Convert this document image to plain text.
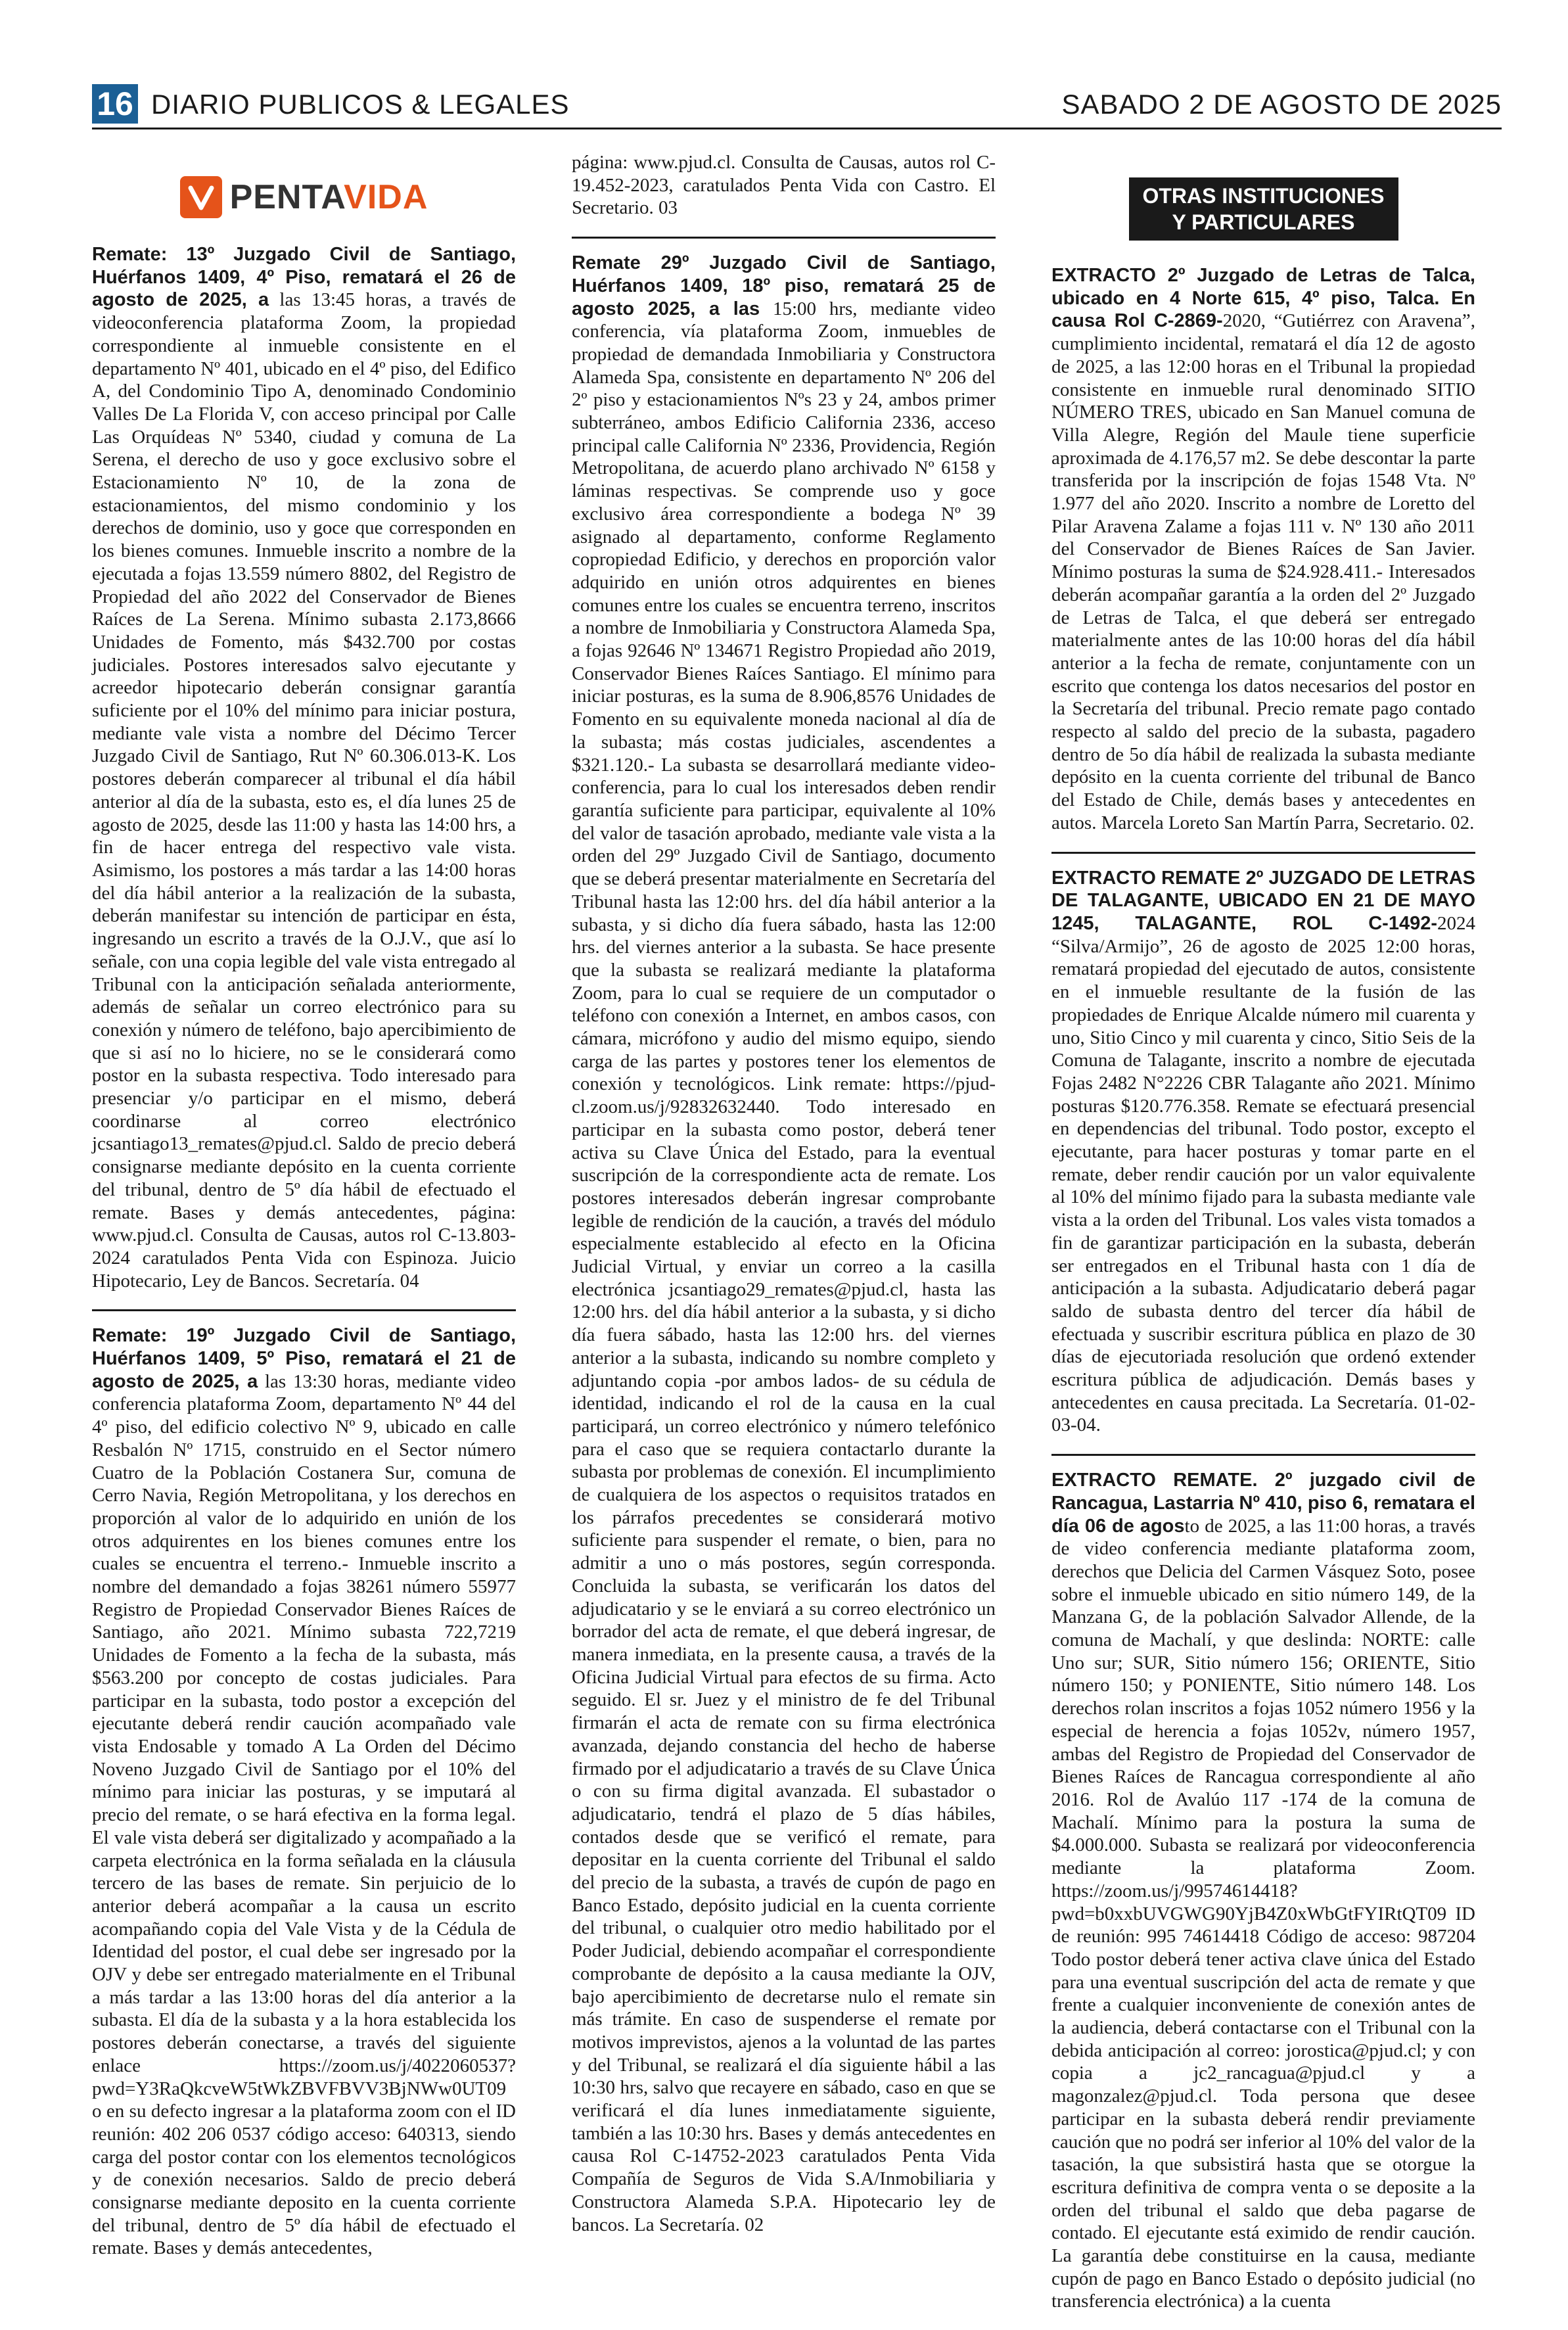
16 DIARIO PUBLICOS & LEGALES	SABADO 2 DE AGOSTO DE 2025
PENTAVIDA

Remate: 13º Juzgado Civil de Santiago, Huérfanos 1409, 4º Piso, rematará el 26 de agosto de 2025, a las 13:45 horas, a través de videoconferencia plataforma Zoom, la propiedad correspondiente al inmueble consistente en el departamento Nº 401, ubicado en el 4º piso, del Edifico A, del Condominio Tipo A, denominado Condominio Valles De La Florida V, con acceso principal por Calle Las Orquídeas Nº 5340, ciudad y comuna de La Serena, el derecho de uso y goce exclusivo sobre el Estacionamiento Nº 10, de la zona de estacionamientos, del mismo condominio y los derechos de dominio, uso y goce que corresponden en los bienes comunes. Inmueble inscrito a nombre de la ejecutada a fojas 13.559 número 8802, del Registro de Propiedad del año 2022 del Conservador de Bienes Raíces de La Serena. Mínimo subasta 2.173,8666 Unidades de Fomento, más $432.700 por costas judiciales. Postores interesados salvo ejecutante y acreedor hipotecario deberán consignar garantía suficiente por el 10% del mínimo para iniciar postura, mediante vale vista a nombre del Décimo Tercer Juzgado Civil de Santiago, Rut Nº 60.306.013-K. Los postores deberán comparecer al tribunal el día hábil anterior al día de la subasta, esto es, el día lunes 25 de agosto de 2025, desde las 11:00 y hasta las 14:00 hrs, a fin de hacer entrega del respectivo vale vista. Asimismo, los postores a más tardar a las 14:00 horas del día hábil anterior a la realización de la subasta, deberán manifestar su intención de participar en ésta, ingresando un escrito a través de la O.J.V., que así lo señale, con una copia legible del vale vista entregado al Tribunal con la anticipación señalada anteriormente, además de señalar un correo electrónico para su conexión y número de teléfono, bajo apercibimiento de que si así no lo hiciere, no se le considerará como postor en la subasta respectiva. Todo interesado para presenciar y/o participar en el mismo, deberá coordinarse al correo electrónico jcsantiago13_remates@pjud.cl. Saldo de precio deberá consignarse mediante depósito en la cuenta corriente del tribunal, dentro de 5º día hábil de efectuado el remate. Bases y demás antecedentes, página: www.pjud.cl. Consulta de Causas, autos rol C-13.803-2024 caratulados Penta Vida con Espinoza. Juicio Hipotecario, Ley de Bancos. Secretaría. 04

Remate: 19º Juzgado Civil de Santiago, Huérfanos 1409, 5º Piso, rematará el 21 de agosto de 2025, a las 13:30 horas, mediante video conferencia plataforma Zoom, departamento Nº 44 del 4º piso, del edificio colectivo Nº 9, ubicado en calle Resbalón Nº 1715, construido en el Sector número Cuatro de la Población Costanera Sur, comuna de Cerro Navia, Región Metropolitana, y los derechos en proporción al valor de lo adquirido en unión de los otros adquirentes en los bienes comunes entre los cuales se encuentra el terreno.- Inmueble inscrito a nombre del demandado a fojas 38261 número 55977 Registro de Propiedad Conservador Bienes Raíces de Santiago, año 2021. Mínimo subasta 722,7219 Unidades de Fomento a la fecha de la subasta, más $563.200 por concepto de costas judiciales. Para participar en la subasta, todo postor a excepción del ejecutante deberá rendir caución acompañado vale vista Endosable y tomado A La Orden del Décimo Noveno Juzgado Civil de Santiago por el 10% del mínimo para iniciar las posturas, y se imputará al precio del remate, o se hará efectiva en la forma legal. El vale vista deberá ser digitalizado y acompañado a la carpeta electrónica en la forma señalada en la cláusula tercero de las bases de remate. Sin perjuicio de lo anterior deberá acompañar a la causa un escrito acompañando copia del Vale Vista y de la Cédula de Identidad del postor, el cual debe ser ingresado por la OJV y debe ser entregado materialmente en el Tribunal a más tardar a las 13:00 horas del día anterior a la subasta. El día de la subasta y a la hora establecida los postores deberán conectarse, a través del siguiente enlace https://zoom.us/j/4022060537?pwd=Y3RaQkcveW5tWkZBVFBVV3BjNWw0UT09 o en su defecto ingresar a la plataforma zoom con el ID reunión: 402 206 0537 código acceso: 640313, siendo carga del postor contar con los elementos tecnológicos y de conexión necesarios. Saldo de precio deberá consignarse mediante deposito en la cuenta corriente del tribunal, dentro de 5º día hábil de efectuado el remate. Bases y demás antecedentes,

página: www.pjud.cl. Consulta de Causas, autos rol C-19.452-2023, caratulados Penta Vida con Castro. El Secretario. 03

Remate 29º Juzgado Civil de Santiago, Huérfanos 1409, 18º piso, rematará 25 de agosto 2025, a las 15:00 hrs, mediante video conferencia, vía plataforma Zoom, inmuebles de propiedad de demandada Inmobiliaria y Constructora Alameda Spa, consistente en departamento Nº 206 del 2º piso y estacionamientos Nºs 23 y 24, ambos primer subterráneo, ambos Edificio California 2336, acceso principal calle California Nº 2336, Providencia, Región Metropolitana, de acuerdo plano archivado Nº 6158 y láminas respectivas. Se comprende uso y goce exclusivo área correspondiente a bodega Nº 39 asignado al departamento, conforme Reglamento copropiedad Edificio, y derechos en proporción valor adquirido en unión otros adquirentes en bienes comunes entre los cuales se encuentra terreno, inscritos a nombre de Inmobiliaria y Constructora Alameda Spa, a fojas 92646 Nº 134671 Registro Propiedad año 2019, Conservador Bienes Raíces Santiago. El mínimo para iniciar posturas, es la suma de 8.906,8576 Unidades de Fomento en su equivalente moneda nacional al día de la subasta; más costas judiciales, ascendentes a $321.120.- La subasta se desarrollará mediante video-conferencia, para lo cual los interesados deben rendir garantía suficiente para participar, equivalente al 10% del valor de tasación aprobado, mediante vale vista a la orden del 29º Juzgado Civil de Santiago, documento que se deberá presentar materialmente en Secretaría del Tribunal hasta las 12:00 hrs. del día hábil anterior a la subasta, y si dicho día fuera sábado, hasta las 12:00 hrs. del viernes anterior a la subasta. Se hace presente que la subasta se realizará mediante la plataforma Zoom, para lo cual se requiere de un computador o teléfono con conexión a Internet, en ambos casos, con cámara, micrófono y audio del mismo equipo, siendo carga de las partes y postores tener los elementos de conexión y tecnológicos. Link remate: https://pjud-cl.zoom.us/j/92832632440. Todo interesado en participar en la subasta como postor, deberá tener activa su Clave Única del Estado, para la eventual suscripción de la correspondiente acta de remate. Los postores interesados deberán ingresar comprobante legible de rendición de la caución, a través del módulo especialmente establecido al efecto en la Oficina Judicial Virtual, y enviar un correo a la casilla electrónica jcsantiago29_remates@pjud.cl, hasta las 12:00 hrs. del día hábil anterior a la subasta, y si dicho día fuera sábado, hasta las 12:00 hrs. del viernes anterior a la subasta, indicando su nombre completo y adjuntando copia -por ambos lados- de su cédula de identidad, indicando el rol de la causa en la cual participará, un correo electrónico y número telefónico para el caso que se requiera contactarlo durante la subasta por problemas de conexión. El incumplimiento de cualquiera de los aspectos o requisitos tratados en los párrafos precedentes se considerará motivo suficiente para suspender el remate, o bien, para no admitir a uno o más postores, según corresponda. Concluida la subasta, se verificarán los datos del adjudicatario y se le enviará a su correo electrónico un borrador del acta de remate, el que deberá ingresar, de manera inmediata, en la presente causa, a través de la Oficina Judicial Virtual para efectos de su firma. Acto seguido. El sr. Juez y el ministro de fe del Tribunal firmarán el acta de remate con su firma electrónica avanzada, dejando constancia del hecho de haberse firmado por el adjudicatario a través de su Clave Única o con su firma digital avanzada. El subastador o adjudicatario, tendrá el plazo de 5 días hábiles, contados desde que se verificó el remate, para depositar en la cuenta corriente del Tribunal el saldo del precio de la subasta, a través de cupón de pago en Banco Estado, depósito judicial en la cuenta corriente del tribunal, o cualquier otro medio habilitado por el Poder Judicial, debiendo acompañar el correspondiente comprobante de depósito a la causa mediante la OJV, bajo apercibimiento de decretarse nulo el remate sin más trámite. En caso de suspenderse el remate por motivos imprevistos, ajenos a la voluntad de las partes y del Tribunal, se realizará el día siguiente hábil a las 10:30 hrs, salvo que recayere en sábado, caso en que se verificará el día lunes inmediatamente siguiente, también a las 10:30 hrs. Bases y demás antecedentes en causa Rol C-14752-2023 caratulados Penta Vida Compañía de Seguros de Vida S.A/Inmobiliaria y Constructora Alameda S.P.A. Hipotecario ley de bancos. La Secretaría. 02

OTRAS INSTITUCIONES
Y PARTICULARES

EXTRACTO 2º Juzgado de Letras de Talca, ubicado en 4 Norte 615, 4º piso, Talca. En causa Rol C-2869-2020, “Gutiérrez con Aravena”, cumplimiento incidental, rematará el día 12 de agosto de 2025, a las 12:00 horas en el Tribunal la propiedad consistente en inmueble rural denominado SITIO NÚMERO TRES, ubicado en San Manuel comuna de Villa Alegre, Región del Maule tiene superficie aproximada de 4.176,57 m2. Se debe descontar la parte transferida por la inscripción de fojas 1548 Vta. Nº 1.977 del año 2020. Inscrito a nombre de Loretto del Pilar Aravena Zalame a fojas 111 v. Nº 130 año 2011 del Conservador de Bienes Raíces de San Javier. Mínimo posturas la suma de $24.928.411.- Interesados deberán acompañar garantía a la orden del 2º Juzgado de Letras de Talca, el que deberá ser entregado materialmente antes de las 10:00 horas del día hábil anterior a la fecha de remate, conjuntamente con un escrito que contenga los datos necesarios del postor en la Secretaría del tribunal. Precio remate pago contado respecto al saldo del precio de la subasta, pagadero dentro de 5o día hábil de realizada la subasta mediante depósito en la cuenta corriente del tribunal de Banco del Estado de Chile, demás bases y antecedentes en autos. Marcela Loreto San Martín Parra, Secretario. 02.

EXTRACTO REMATE 2º JUZGADO DE LETRAS DE TALAGANTE, UBICADO EN 21 DE MAYO 1245, TALAGANTE, ROL C-1492-2024 “Silva/Armijo”, 26 de agosto de 2025 12:00 horas, rematará propiedad del ejecutado de autos, consistente en el inmueble resultante de la fusión de las propiedades de Enrique Alcalde número mil cuarenta y uno, Sitio Cinco y mil cuarenta y cinco, Sitio Seis de la Comuna de Talagante, inscrito a nombre de ejecutada Fojas 2482 N°2226 CBR Talagante año 2021. Mínimo posturas $120.776.358. Remate se efectuará presencial en dependencias del tribunal. Todo postor, excepto el ejecutante, para hacer posturas y tomar parte en el remate, deber rendir caución por un valor equivalente al 10% del mínimo fijado para la subasta mediante vale vista a la orden del Tribunal. Los vales vista tomados a fin de garantizar participación en la subasta, deberán ser entregados en el Tribunal hasta con 1 día de anticipación a la subasta. Adjudicatario deberá pagar saldo de subasta dentro del tercer día hábil de efectuada y suscribir escritura pública en plazo de 30 días de ejecutoriada resolución que ordenó extender escritura pública de adjudicación. Demás bases y antecedentes en causa precitada. La Secretaría. 01-02-03-04.

EXTRACTO REMATE. 2º juzgado civil de Rancagua, Lastarria Nº 410, piso 6, rematara el día 06 de agosto de 2025, a las 11:00 horas, a través de video conferencia mediante plataforma zoom, derechos que Delicia del Carmen Vásquez Soto, posee sobre el inmueble ubicado en sitio número 149, de la Manzana G, de la población Salvador Allende, de la comuna de Machalí, y que deslinda: NORTE: calle Uno sur; SUR, Sitio número 156; ORIENTE, Sitio número 150; y PONIENTE, Sitio número 148. Los derechos rolan inscritos a fojas 1052 número 1956 y la especial de herencia a fojas 1052v, número 1957, ambas del Registro de Propiedad del Conservador de Bienes Raíces de Rancagua correspondiente al año 2016. Rol de Avalúo 117 -174 de la comuna de Machalí. Mínimo para la postura la suma de $4.000.000. Subasta se realizará por videoconferencia mediante la plataforma Zoom. https://zoom.us/j/99574614418?pwd=b0xxbUVGWG90YjB4Z0xWbGtFYIRtQT09 ID de reunión: 995 74614418 Código de acceso: 987204 Todo postor deberá tener activa clave única del Estado para una eventual suscripción del acta de remate y que frente a cualquier inconveniente de conexión antes de la audiencia, deberá contactarse con el Tribunal con la debida anticipación al correo: jorostica@pjud.cl; y con copia a jc2_rancagua@pjud.cl y a magonzalez@pjud.cl. Toda persona que desee participar en la subasta deberá rendir previamente caución que no podrá ser inferior al 10% del valor de la tasación, la que subsistirá hasta que se otorgue la escritura definitiva de compra venta o se deposite a la orden del tribunal el saldo que deba pagarse de contado. El ejecutante está eximido de rendir caución. La garantía debe constituirse en la causa, mediante cupón de pago en Banco Estado o depósito judicial (no transferencia electrónica) a la cuenta
